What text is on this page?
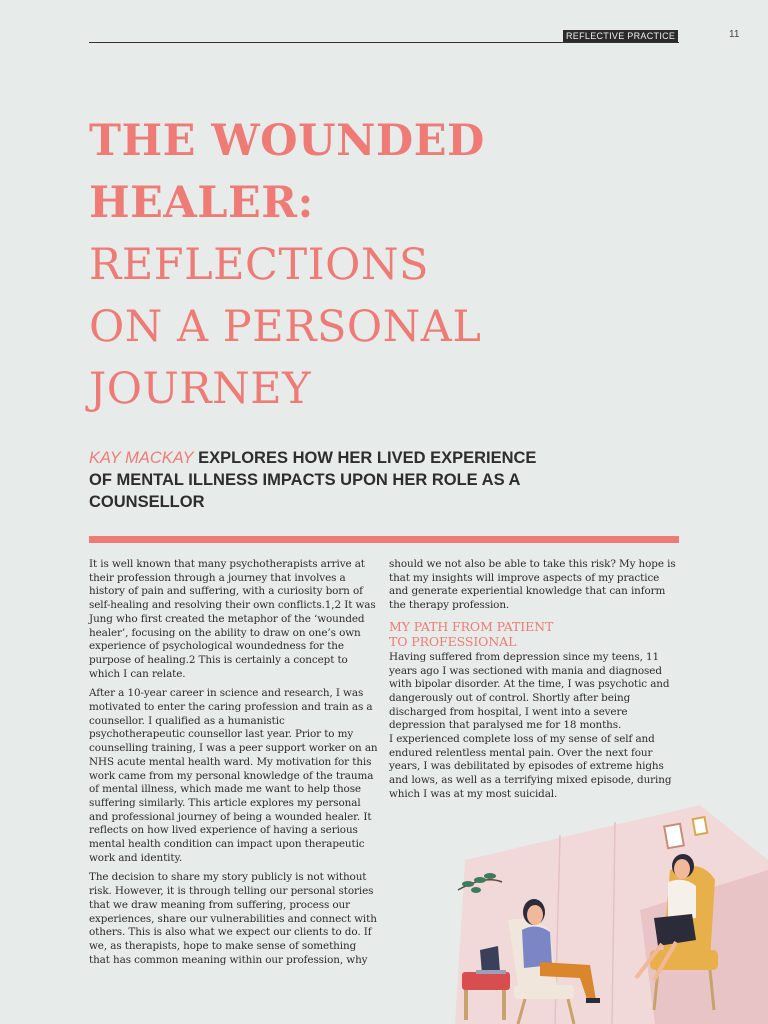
REFLECTIVE PRACTICE	11
THE WOUNDED
HEALER:
REFLECTIONS
ON A PERSONAL
JOURNEY
KAY MACKAY EXPLORES HOW HER LIVED EXPERIENCE OF MENTAL ILLNESS IMPACTS UPON HER ROLE AS A COUNSELLOR

It is well known that many psychotherapists arrive at their profession through a journey that involves a history of pain and suffering, with a curiosity born of self-healing and resolving their own conflicts.1,2 It was Jung who first created the metaphor of the ‘wounded healer’, focusing on the ability to draw on one’s own experience of psychological woundedness for the purpose of healing.2 This is certainly a concept to which I can relate.

After a 10-year career in science and research, I was motivated to enter the caring profession and train as a counsellor. I qualified as a humanistic psychotherapeutic counsellor last year. Prior to my counselling training, I was a peer support worker on an NHS acute mental health ward. My motivation for this work came from my personal knowledge of the trauma of mental illness, which made me want to help those suffering similarly. This article explores my personal and professional journey of being a wounded healer. It reflects on how lived experience of having a serious mental health condition can impact upon therapeutic work and identity.

The decision to share my story publicly is not without risk. However, it is through telling our personal stories that we draw meaning from suffering, process our experiences, share our vulnerabilities and connect with others. This is also what we expect our clients to do. If we, as therapists, hope to make sense of something that has common meaning within our profession, why

should we not also be able to take this risk? My hope is that my insights will improve aspects of my practice and generate experiential knowledge that can inform the therapy profession.

MY PATH FROM PATIENT
TO PROFESSIONAL

Having suffered from depression since my teens, 11 years ago I was sectioned with mania and diagnosed with bipolar disorder. At the time, I was psychotic and dangerously out of control. Shortly after being discharged from hospital, I went into a severe depression that paralysed me for 18 months.

I experienced complete loss of my sense of self and endured relentless mental pain. Over the next four years, I was debilitated by episodes of extreme highs and lows, as well as a terrifying mixed episode, during which I was at my most suicidal.
